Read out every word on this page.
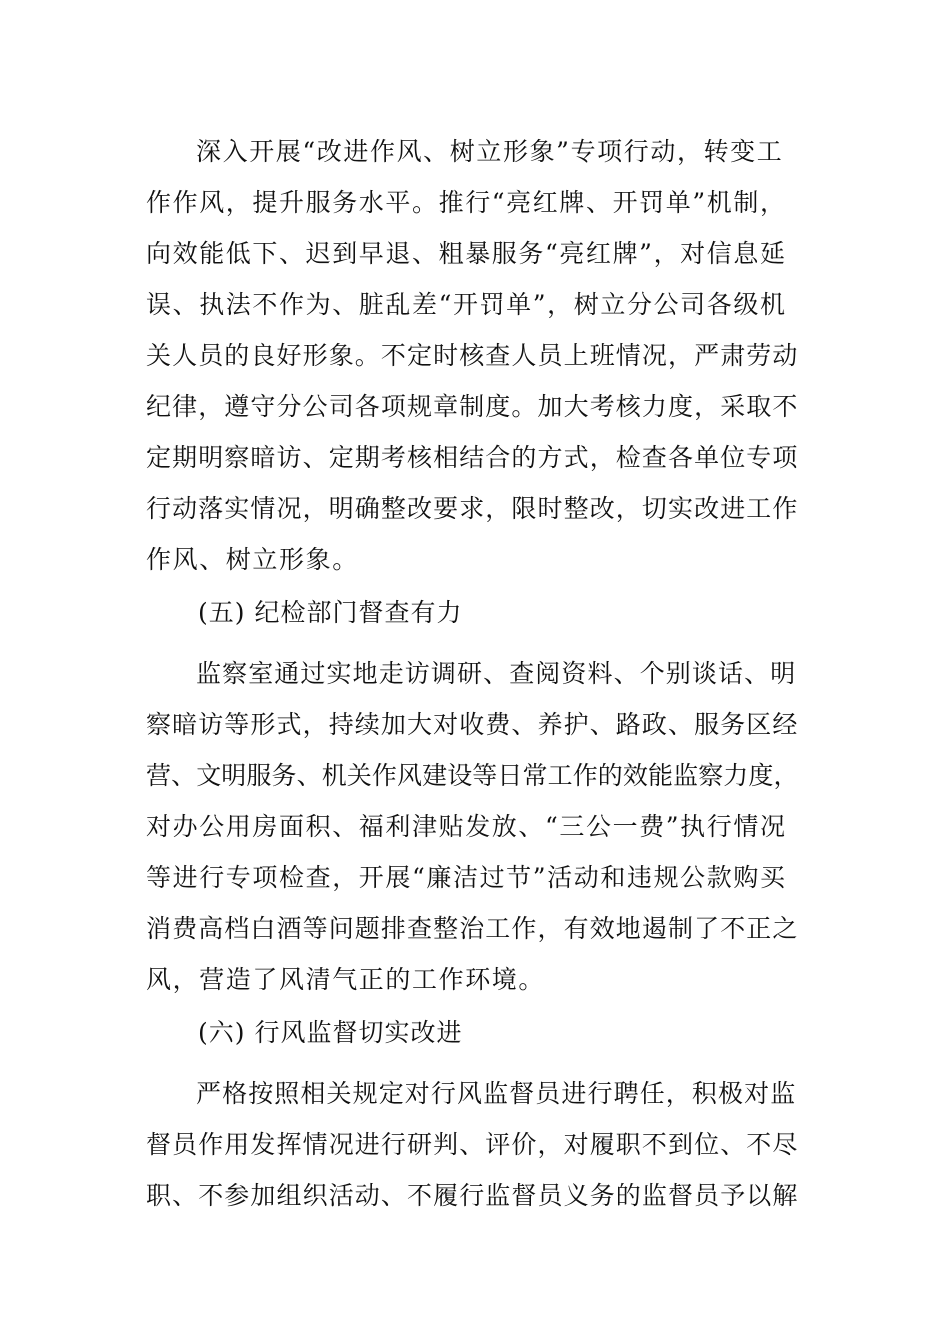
深入开展“改进作风、树立形象”专项行动，转变工
作作风，提升服务水平。推行“亮红牌、开罚单”机制，
向效能低下、迟到早退、粗暴服务“亮红牌”，对信息延
误、执法不作为、脏乱差“开罚单”，树立分公司各级机
关人员的良好形象。不定时核查人员上班情况，严肃劳动
纪律，遵守分公司各项规章制度。加大考核力度，采取不
定期明察暗访、定期考核相结合的方式，检查各单位专项
行动落实情况，明确整改要求，限时整改，切实改进工作
作风、树立形象。
(五) 纪检部门督查有力
监察室通过实地走访调研、查阅资料、个别谈话、明
察暗访等形式，持续加大对收费、养护、路政、服务区经
营、文明服务、机关作风建设等日常工作的效能监察力度，
对办公用房面积、福利津贴发放、“三公一费”执行情况
等进行专项检查，开展“廉洁过节”活动和违规公款购买
消费高档白酒等问题排查整治工作，有效地遏制了不正之
风，营造了风清气正的工作环境。
(六) 行风监督切实改进
严格按照相关规定对行风监督员进行聘任，积极对监
督员作用发挥情况进行研判、评价，对履职不到位、不尽
职、不参加组织活动、不履行监督员义务的监督员予以解
